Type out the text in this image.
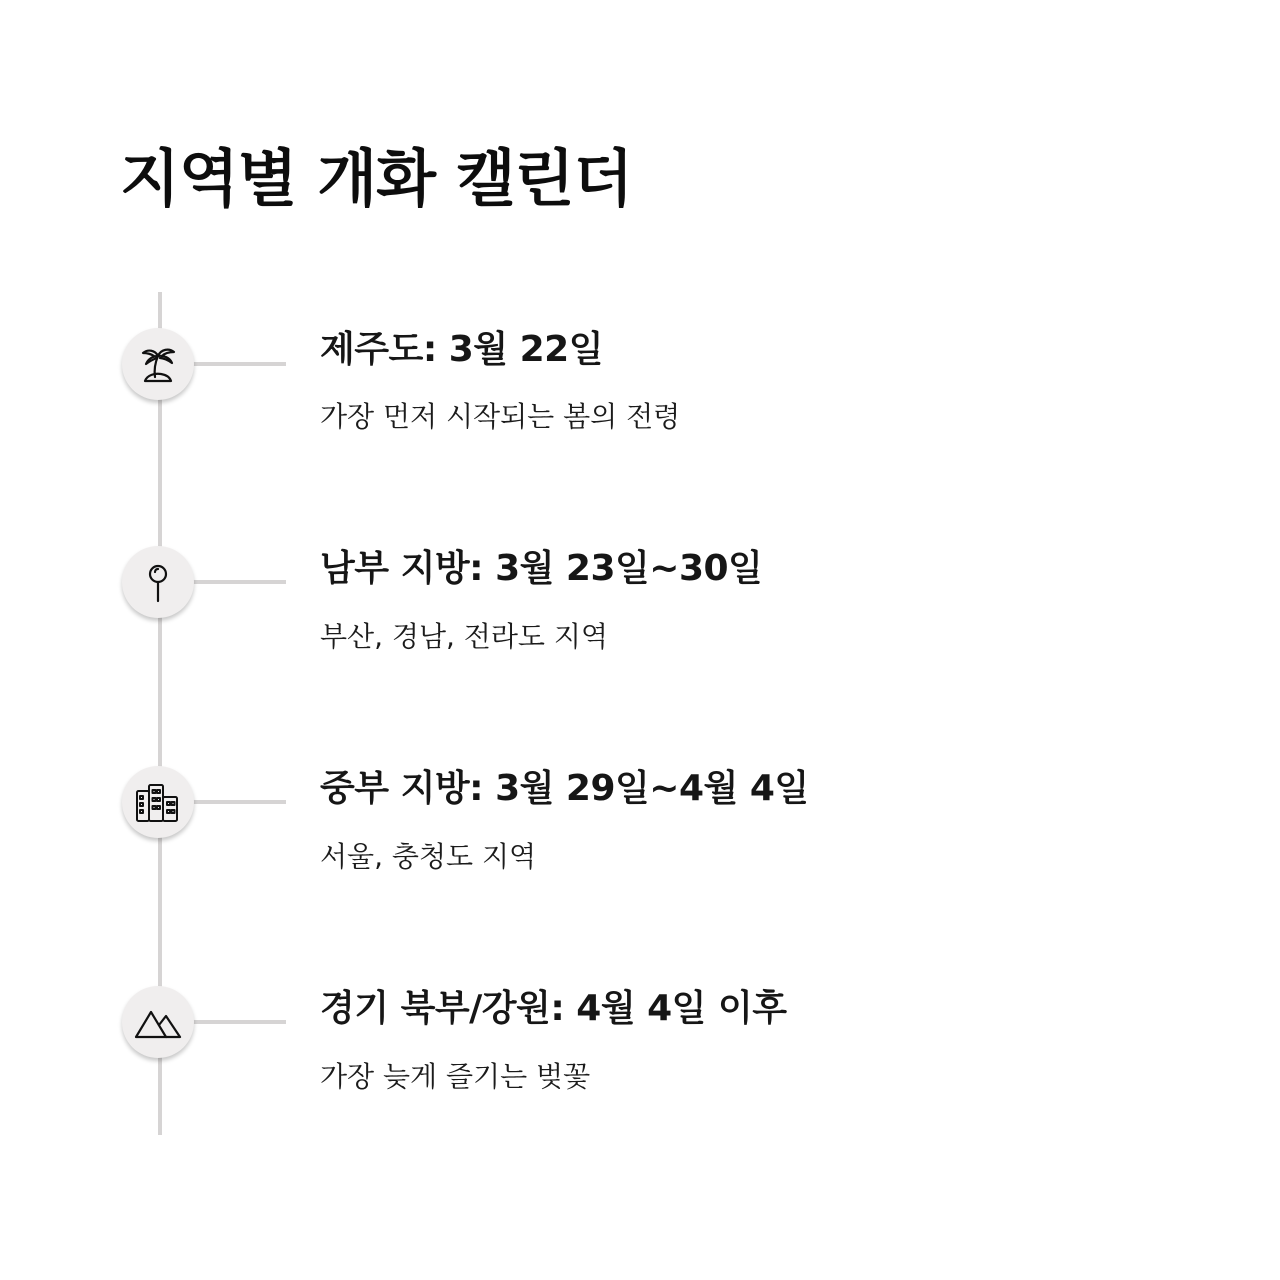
지역별 개화 캘린더
제주도: 3월 22일

가장 먼저 시작되는 봄의 전령

남부 지방: 3월 23일~30일

부산, 경남, 전라도 지역

중부 지방: 3월 29일~4월 4일

서울, 충청도 지역

경기 북부/강원: 4월 4일 이후

가장 늦게 즐기는 벚꽃
